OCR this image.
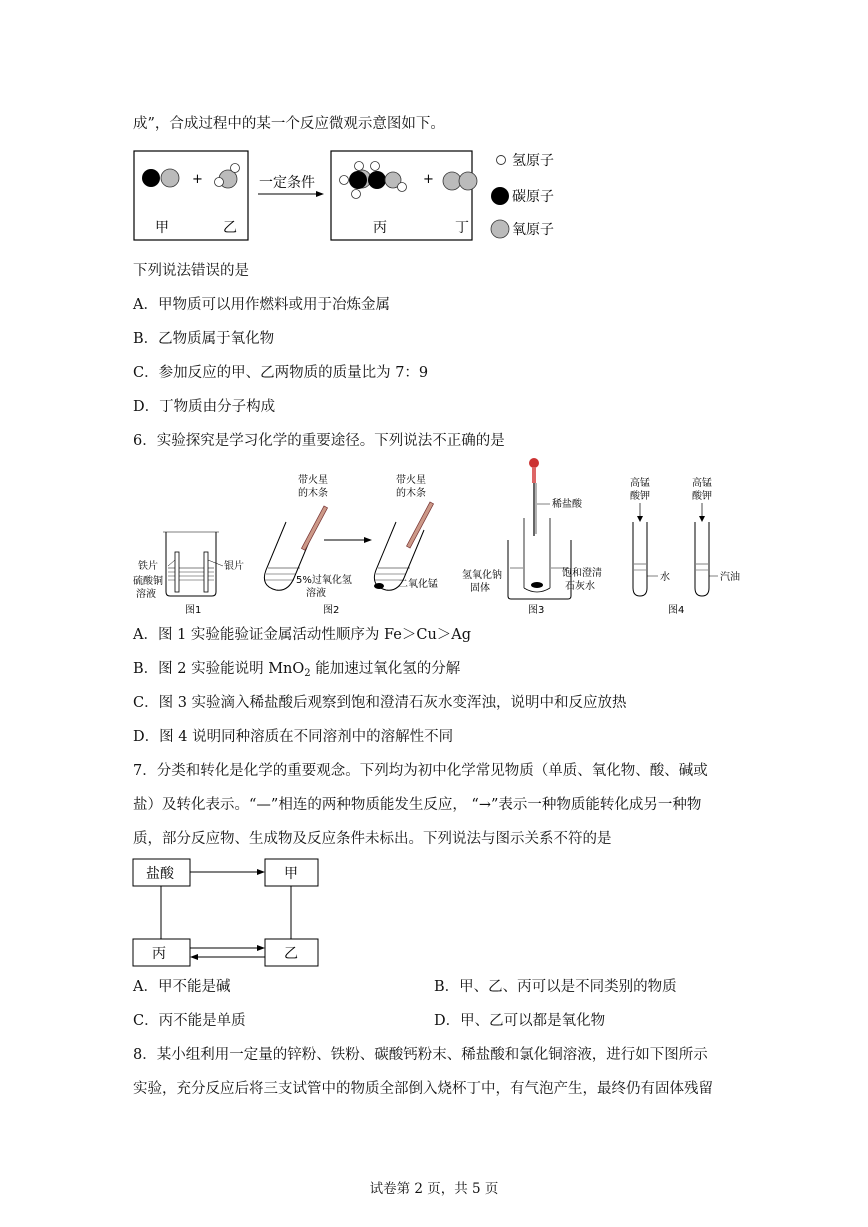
成”，合成过程中的某一个反应微观示意图如下。
+
甲	乙
一定条件	+
丙	丁
氢原子
碳原子
氧原子
下列说法错误的是
A．甲物质可以用作燃料或用于冶炼金属
B．乙物质属于氧化物
C．参加反应的甲、乙两物质的质量比为 7：9
D．丁物质由分子构成
6．实验探究是学习化学的重要途径。下列说法不正确的是
铁片	银片
硫酸铜
溶液
图1
带火星
的木条
带火星
的木条
5%过氧化氢
溶液
二氧化锰
图2
稀盐酸
氢氧化钠
固体
饱和澄清
石灰水
图3
高锰
酸钾
水
高锰
酸钾
汽油
图4
A．图 1 实验能验证金属活动性顺序为 Fe＞Cu＞Ag
B．图 2 实验能说明 MnO$_2$ 能加速过氧化氢的分解
C．图 3 实验滴入稀盐酸后观察到饱和澄清石灰水变浑浊，说明中和反应放热
D．图 4 说明同种溶质在不同溶剂中的溶解性不同
7．分类和转化是化学的重要观念。下列均为初中化学常见物质（单质、氧化物、酸、碱或
盐）及转化表示。“—”相连的两种物质能发生反应， “→”表示一种物质能转化成另一种物
质，部分反应物、生成物及反应条件未标出。下列说法与图示关系不符的是
盐酸	甲
丙	乙
A．甲不能是碱	B．甲、乙、丙可以是不同类别的物质
C．丙不能是单质	D．甲、乙可以都是氧化物
8．某小组利用一定量的锌粉、铁粉、碳酸钙粉末、稀盐酸和氯化铜溶液，进行如下图所示
实验，充分反应后将三支试管中的物质全部倒入烧杯丁中，有气泡产生，最终仍有固体残留
试卷第 2 页，共 5 页
